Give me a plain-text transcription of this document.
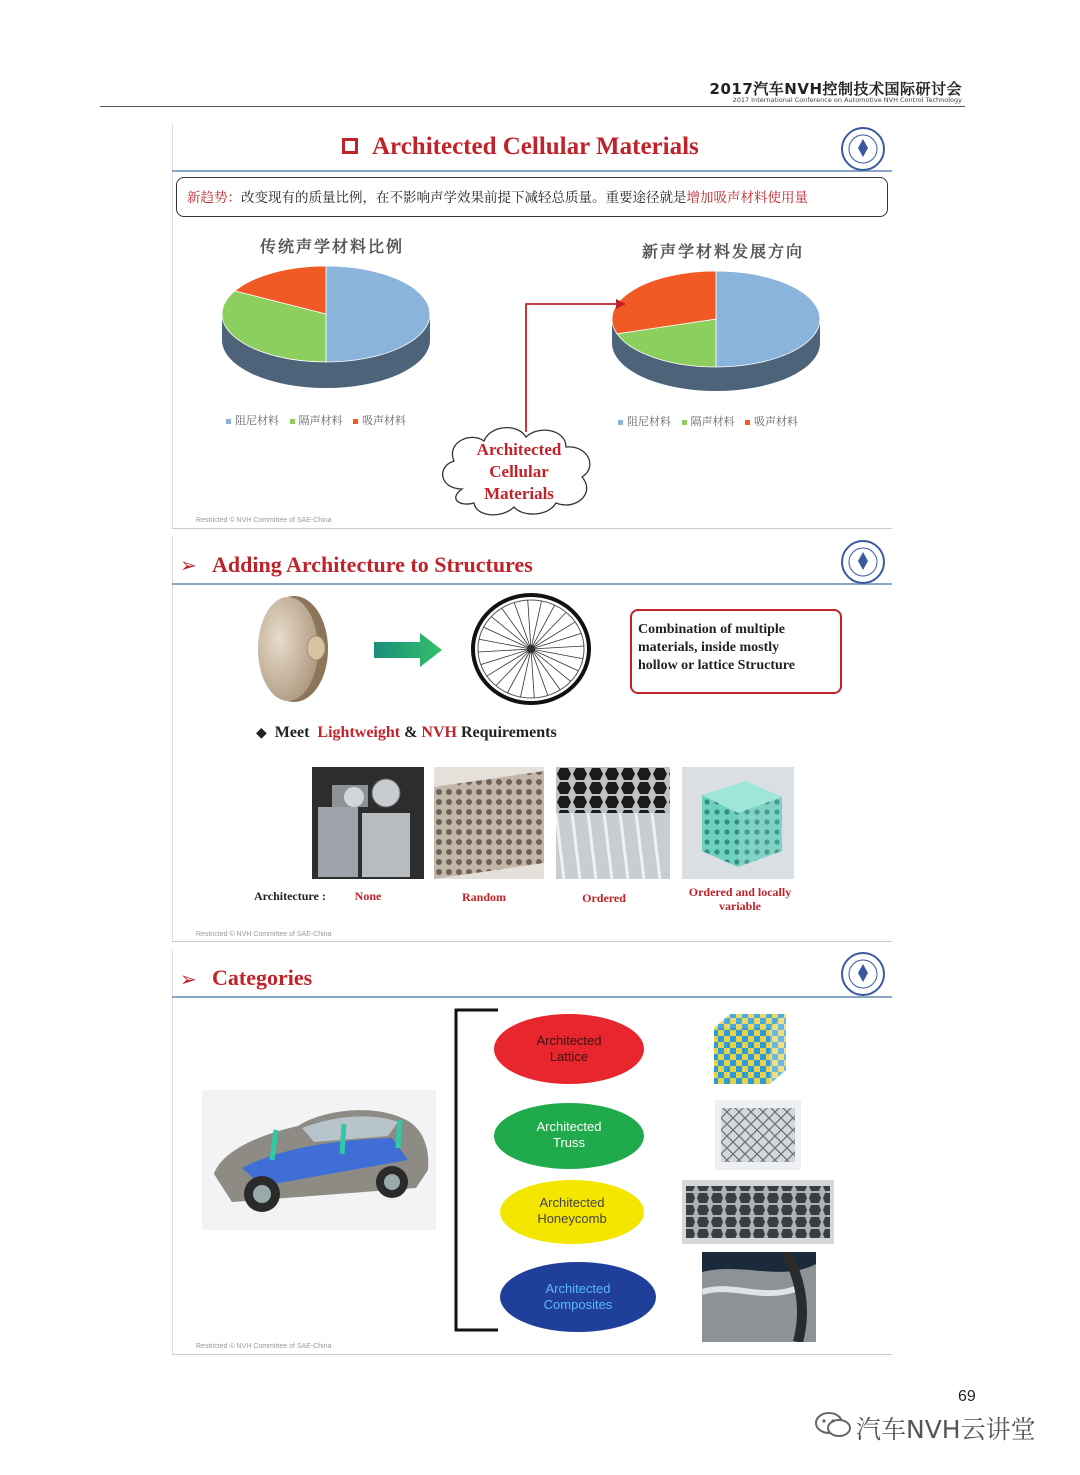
2017汽车NVH控制技术国际研讨会
2017 International Conference on Automotive NVH Control Technology
Architected Cellular Materials
新趋势：改变现有的质量比例，在不影响声学效果前提下减轻总质量。重要途径就是增加吸声材料使用量
传统声学材料比例	新声学材料发展方向
阻尼材料 隔声材料 吸声材料	阻尼材料 隔声材料 吸声材料
Architected
Cellular
Materials
Restricted © NVH Committee of SAE-China
➢ Adding Architecture to Structures
Combination of multiple
materials, inside mostly
hollow or lattice Structure
◆ Meet Lightweight & NVH Requirements
Architecture :	None	Random	Ordered	Ordered and locally variable
Restricted © NVH Committee of SAE-China
➢ Categories
Architected
Lattice
Architected
Truss
Architected
Honeycomb
Architected
Composites
Restricted © NVH Committee of SAE-China
69
汽车NVH云讲堂
